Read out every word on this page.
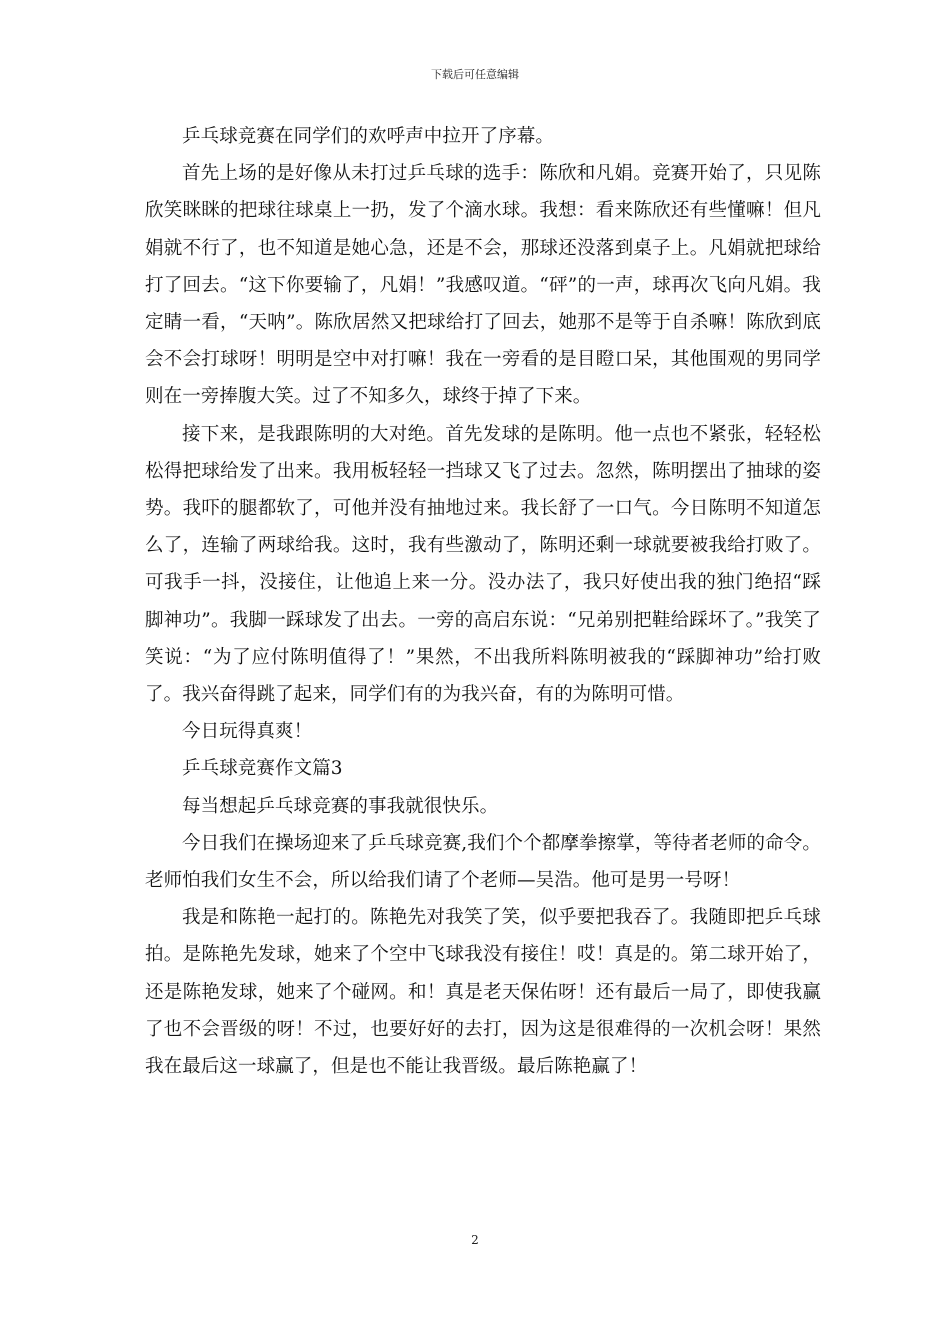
下载后可任意编辑

乒乓球竞赛在同学们的欢呼声中拉开了序幕。

首先上场的是好像从未打过乒乓球的选手：陈欣和凡娟。竞赛开始了，只见陈欣笑眯眯的把球往球桌上一扔，发了个滴水球。我想：看来陈欣还有些懂嘛！但凡娟就不行了，也不知道是她心急，还是不会，那球还没落到桌子上。凡娟就把球给打了回去。“这下你要输了，凡娟！”我感叹道。“砰”的一声，球再次飞向凡娟。我定睛一看，“天呐”。陈欣居然又把球给打了回去，她那不是等于自杀嘛！陈欣到底会不会打球呀！明明是空中对打嘛！我在一旁看的是目瞪口呆，其他围观的男同学则在一旁捧腹大笑。过了不知多久，球终于掉了下来。

接下来，是我跟陈明的大对绝。首先发球的是陈明。他一点也不紧张，轻轻松松得把球给发了出来。我用板轻轻一挡球又飞了过去。忽然，陈明摆出了抽球的姿势。我吓的腿都软了，可他并没有抽地过来。我长舒了一口气。今日陈明不知道怎么了，连输了两球给我。这时，我有些激动了，陈明还剩一球就要被我给打败了。可我手一抖，没接住，让他追上来一分。没办法了，我只好使出我的独门绝招“踩脚神功”。我脚一踩球发了出去。一旁的高启东说：“兄弟别把鞋给踩坏了。”我笑了笑说：“为了应付陈明值得了！”果然，不出我所料陈明被我的“踩脚神功”给打败了。我兴奋得跳了起来，同学们有的为我兴奋，有的为陈明可惜。

今日玩得真爽！

乒乓球竞赛作文篇3

每当想起乒乓球竞赛的事我就很快乐。

今日我们在操场迎来了乒乓球竞赛,我们个个都摩拳擦掌，等待者老师的命令。老师怕我们女生不会，所以给我们请了个老师—吴浩。他可是男一号呀！

我是和陈艳一起打的。陈艳先对我笑了笑，似乎要把我吞了。我随即把乒乓球拍。是陈艳先发球，她来了个空中飞球我没有接住！哎！真是的。第二球开始了，还是陈艳发球，她来了个碰网。和！真是老天保佑呀！还有最后一局了，即使我赢了也不会晋级的呀！不过，也要好好的去打，因为这是很难得的一次机会呀！果然我在最后这一球赢了，但是也不能让我晋级。最后陈艳赢了！

2
